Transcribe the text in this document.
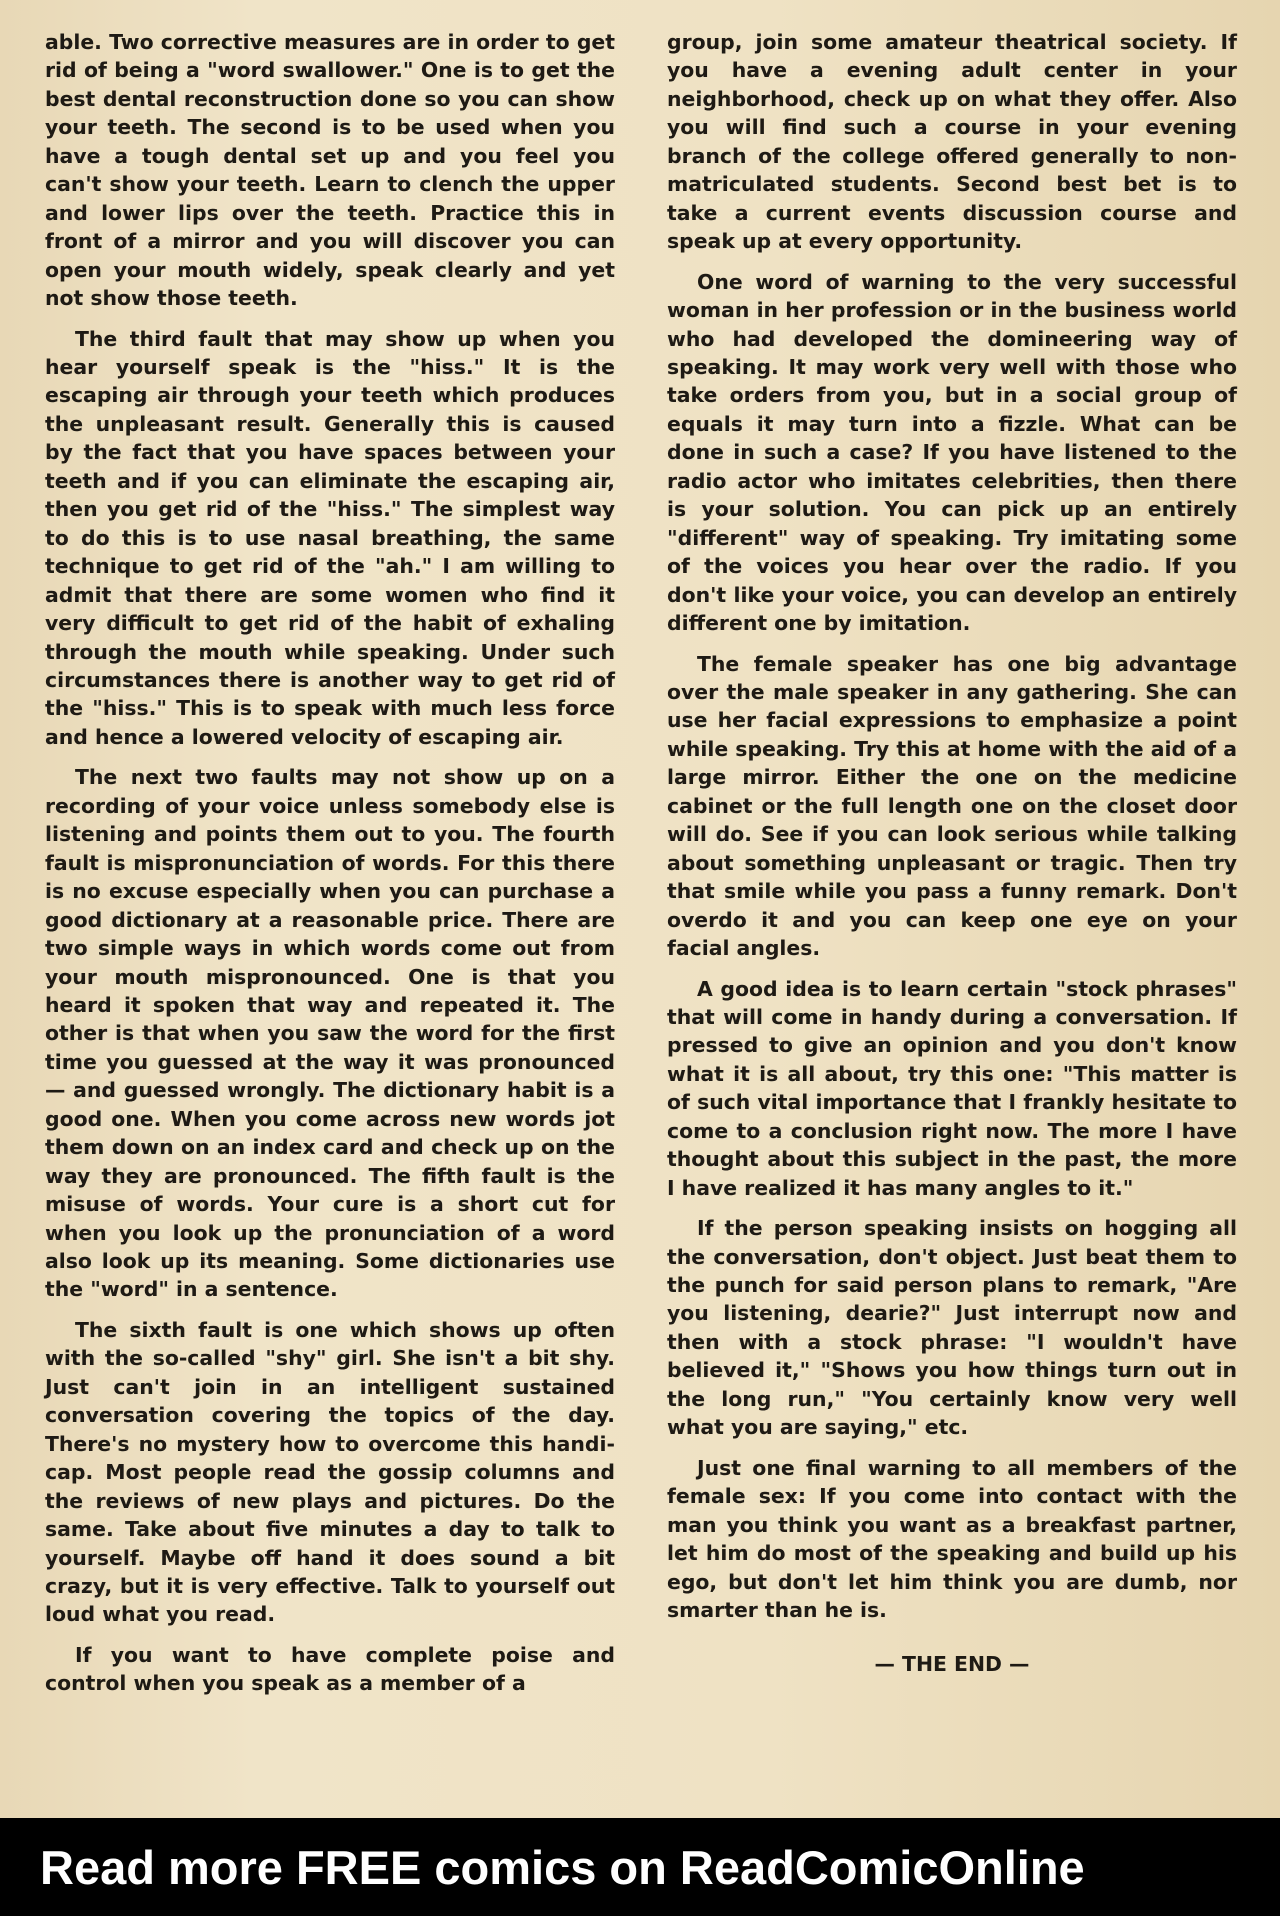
able. Two corrective measures are in order to get rid of being a "word swallower." One is to get the best dental reconstruction done so you can show your teeth. The second is to be used when you have a tough dental set up and you feel you can't show your teeth. Learn to clench the upper and lower lips over the teeth. Practice this in front of a mirror and you will discover you can open your mouth widely, speak clearly and yet not show those teeth.

The third fault that may show up when you hear yourself speak is the "hiss." It is the escaping air through your teeth which produces the unpleasant result. Generally this is caused by the fact that you have spaces between your teeth and if you can eliminate the escaping air, then you get rid of the "hiss." The simplest way to do this is to use nasal breathing, the same technique to get rid of the "ah." I am willing to admit that there are some women who find it very difficult to get rid of the habit of exhaling through the mouth while speaking. Under such circumstances there is another way to get rid of the "hiss." This is to speak with much less force and hence a lowered velocity of escaping air.

The next two faults may not show up on a recording of your voice unless somebody else is listening and points them out to you. The fourth fault is mispronunciation of words. For this there is no excuse especially when you can purchase a good dictionary at a reasonable price. There are two simple ways in which words come out from your mouth mispronounced. One is that you heard it spoken that way and repeated it. The other is that when you saw the word for the first time you guessed at the way it was pronounced — and guessed wrongly. The dictionary habit is a good one. When you come across new words jot them down on an index card and check up on the way they are pronounced. The fifth fault is the misuse of words. Your cure is a short cut for when you look up the pronunciation of a word also look up its meaning. Some dictionaries use the "word" in a sentence.

The sixth fault is one which shows up often with the so-called "shy" girl. She isn't a bit shy. Just can't join in an intelligent sustained conversation covering the topics of the day. There's no mystery how to overcome this handicap. Most people read the gossip columns and the reviews of new plays and pictures. Do the same. Take about five minutes a day to talk to yourself. Maybe off hand it does sound a bit crazy, but it is very effective. Talk to yourself out loud what you read.

If you want to have complete poise and control when you speak as a member of a

group, join some amateur theatrical society. If you have a evening adult center in your neighborhood, check up on what they offer. Also you will find such a course in your evening branch of the college offered generally to non-matriculated students. Second best bet is to take a current events discussion course and speak up at every opportunity.

One word of warning to the very successful woman in her profession or in the business world who had developed the domineering way of speaking. It may work very well with those who take orders from you, but in a social group of equals it may turn into a fizzle. What can be done in such a case? If you have listened to the radio actor who imitates celebrities, then there is your solution. You can pick up an entirely "different" way of speaking. Try imitating some of the voices you hear over the radio. If you don't like your voice, you can develop an entirely different one by imitation.

The female speaker has one big advantage over the male speaker in any gathering. She can use her facial expressions to emphasize a point while speaking. Try this at home with the aid of a large mirror. Either the one on the medicine cabinet or the full length one on the closet door will do. See if you can look serious while talking about something unpleasant or tragic. Then try that smile while you pass a funny remark. Don't overdo it and you can keep one eye on your facial angles.

A good idea is to learn certain "stock phrases" that will come in handy during a conversation. If pressed to give an opinion and you don't know what it is all about, try this one: "This matter is of such vital importance that I frankly hesitate to come to a conclusion right now. The more I have thought about this subject in the past, the more I have realized it has many angles to it."

If the person speaking insists on hogging all the conversation, don't object. Just beat them to the punch for said person plans to remark, "Are you listening, dearie?" Just interrupt now and then with a stock phrase: "I wouldn't have believed it," "Shows you how things turn out in the long run," "You certainly know very well what you are saying," etc.

Just one final warning to all members of the female sex: If you come into contact with the man you think you want as a breakfast partner, let him do most of the speaking and build up his ego, but don't let him think you are dumb, nor smarter than he is.

— THE END —

Read more FREE comics on ReadComicOnline
